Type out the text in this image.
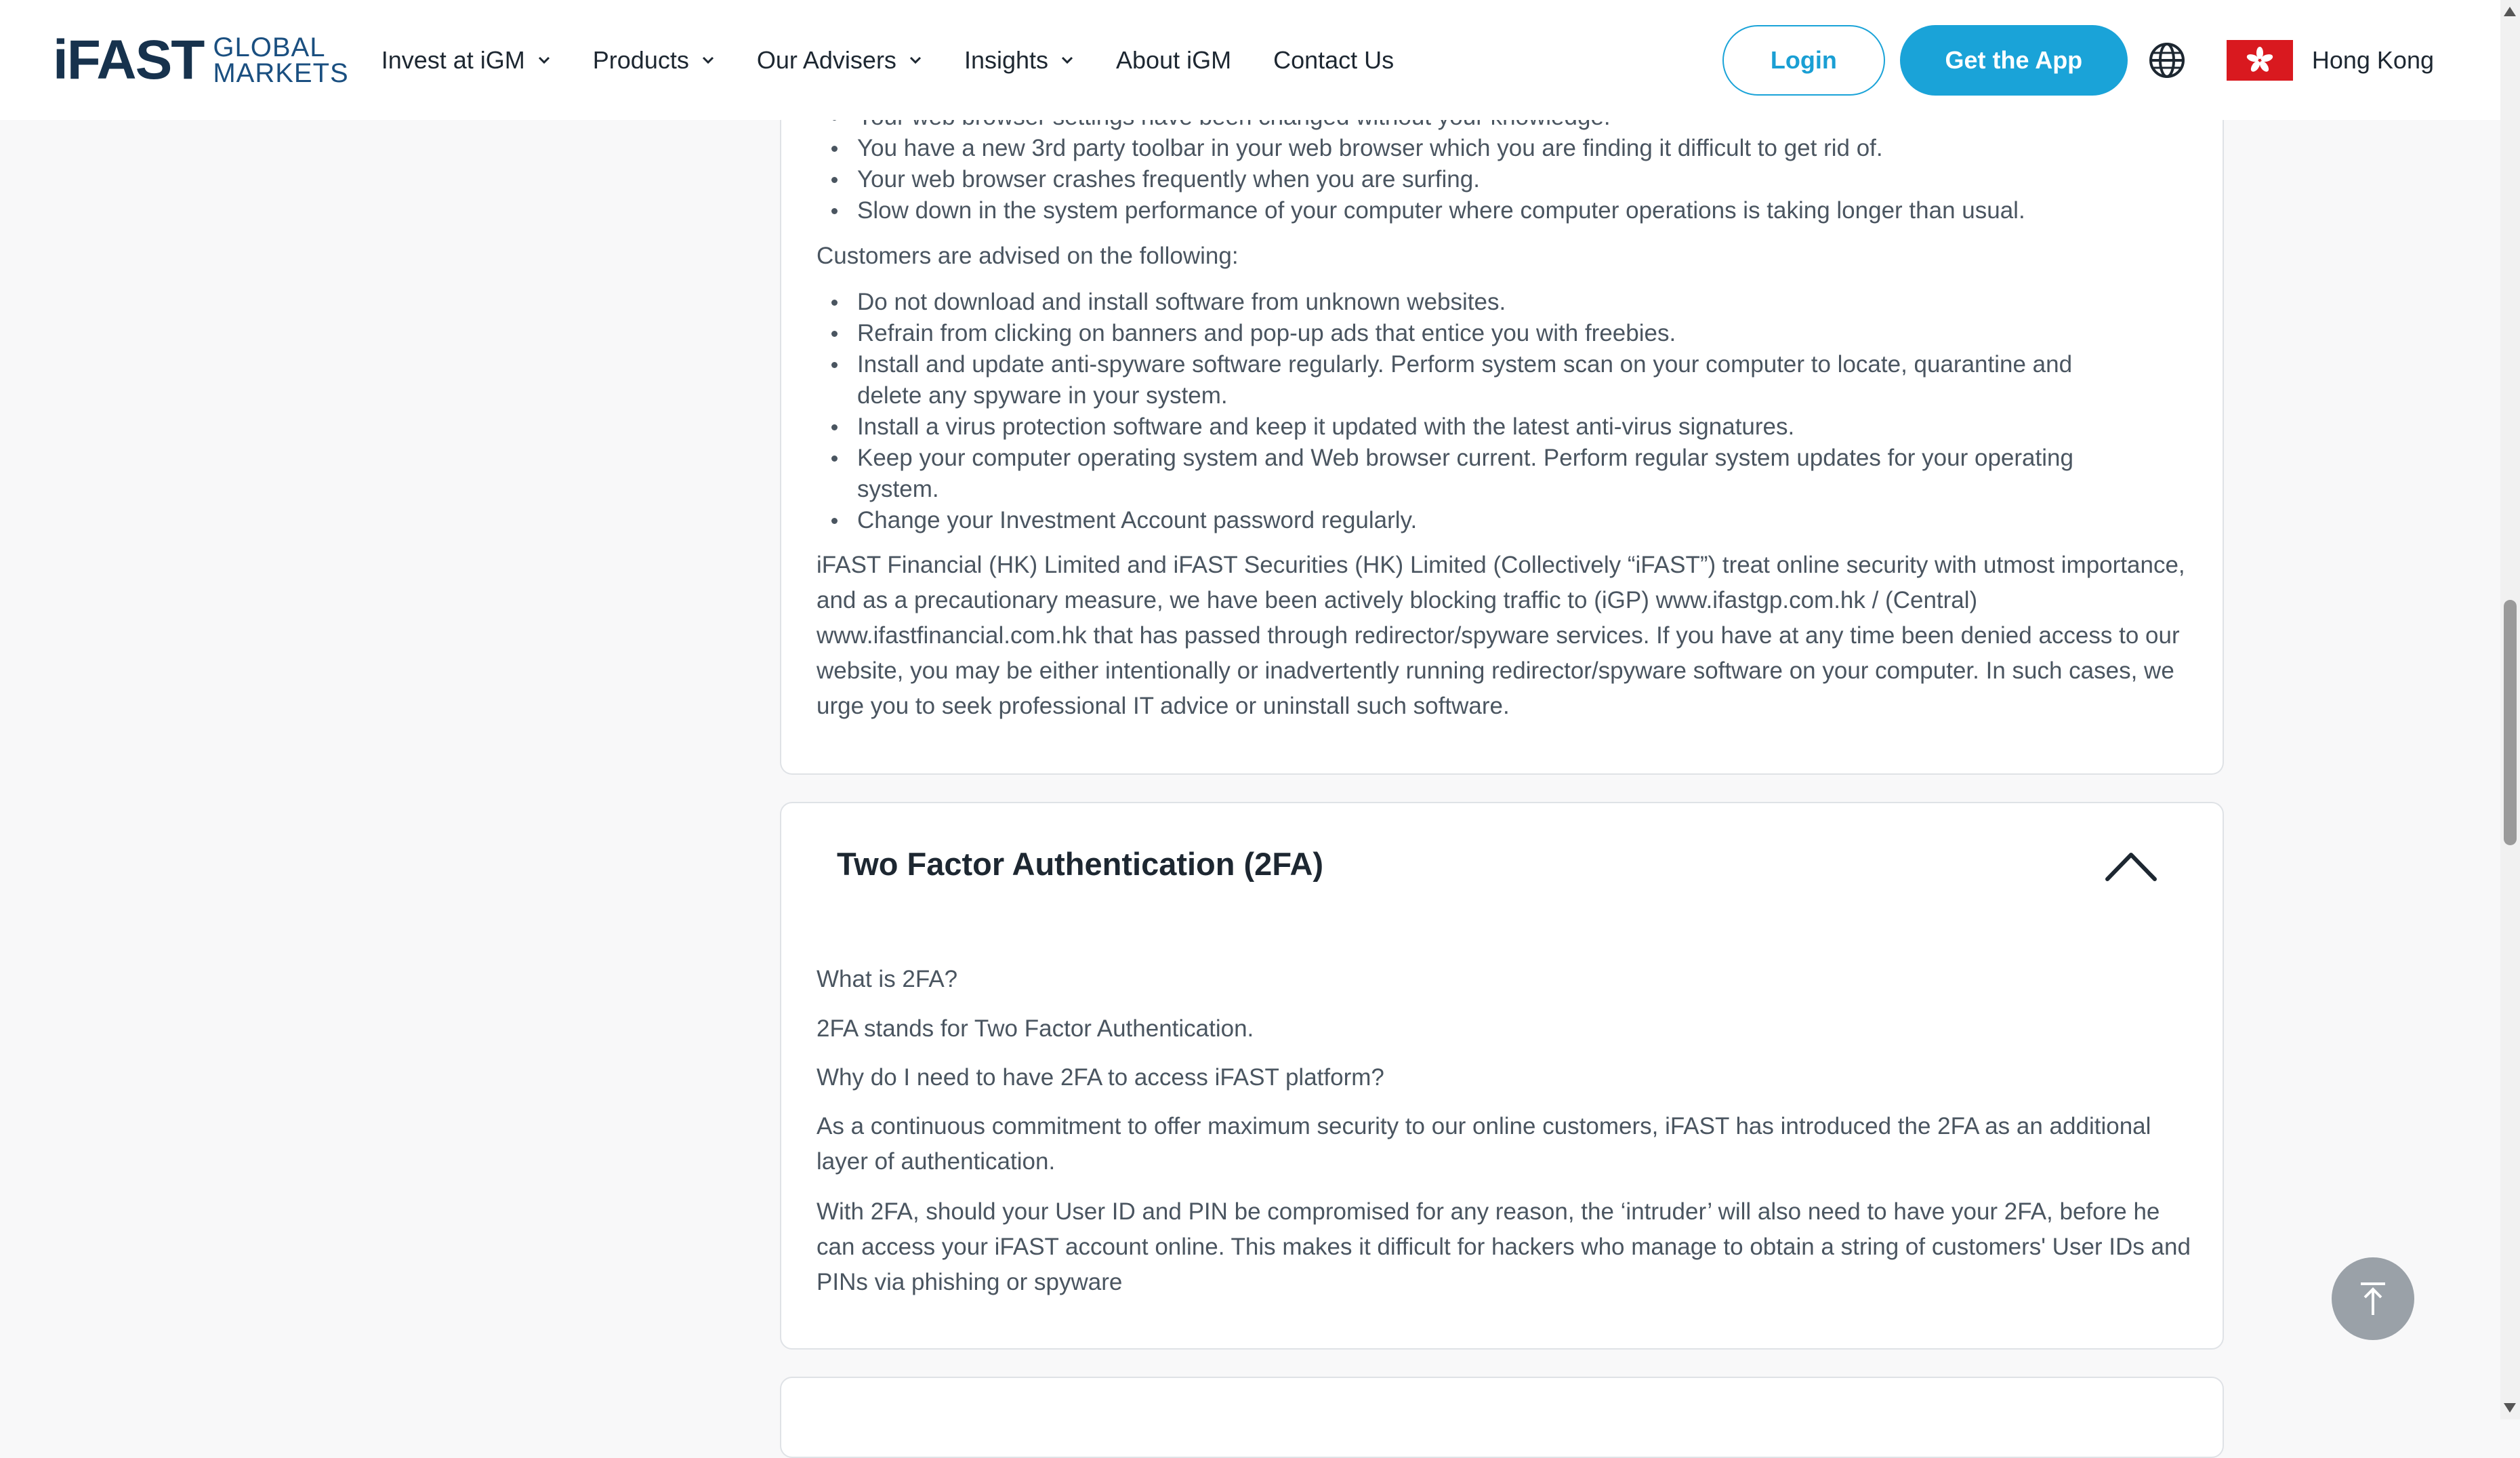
You have a new 3rd party toolbar in your web browser which you are finding it difficult to get rid of.
Your web browser crashes frequently when you are surfing.
Slow down in the system performance of your computer where computer operations is taking longer than usual.

Customers are advised on the following:

Do not download and install software from unknown websites.
Refrain from clicking on banners and pop-up ads that entice you with freebies.
Install and update anti-spyware software regularly. Perform system scan on your computer to locate, quarantine and delete any spyware in your system.
Install a virus protection software and keep it updated with the latest anti-virus signatures.
Keep your computer operating system and Web browser current. Perform regular system updates for your operating system.
Change your Investment Account password regularly.

iFAST Financial (HK) Limited and iFAST Securities (HK) Limited (Collectively “iFAST”) treat online security with utmost importance, and as a precautionary measure, we have been actively blocking traffic to (iGP) www.ifastgp.com.hk / (Central) www.ifastfinancial.com.hk that has passed through redirector/spyware services. If you have at any time been denied access to our website, you may be either intentionally or inadvertently running redirector/spyware software on your computer. In such cases, we urge you to seek professional IT advice or uninstall such software.

Two Factor Authentication (2FA)

What is 2FA?

2FA stands for Two Factor Authentication.

Why do I need to have 2FA to access iFAST platform?

As a continuous commitment to offer maximum security to our online customers, iFAST has introduced the 2FA as an additional layer of authentication.

With 2FA, should your User ID and PIN be compromised for any reason, the ‘intruder’ will also need to have your 2FA, before he can access your iFAST account online. This makes it difficult for hackers who manage to obtain a string of customers' User IDs and PINs via phishing or spyware

iFAST GLOBAL
MARKETS Invest at iGM	Products	Our Advisers	Insights	About iGM Contact Us	Login	Get the App	Hong Kong
